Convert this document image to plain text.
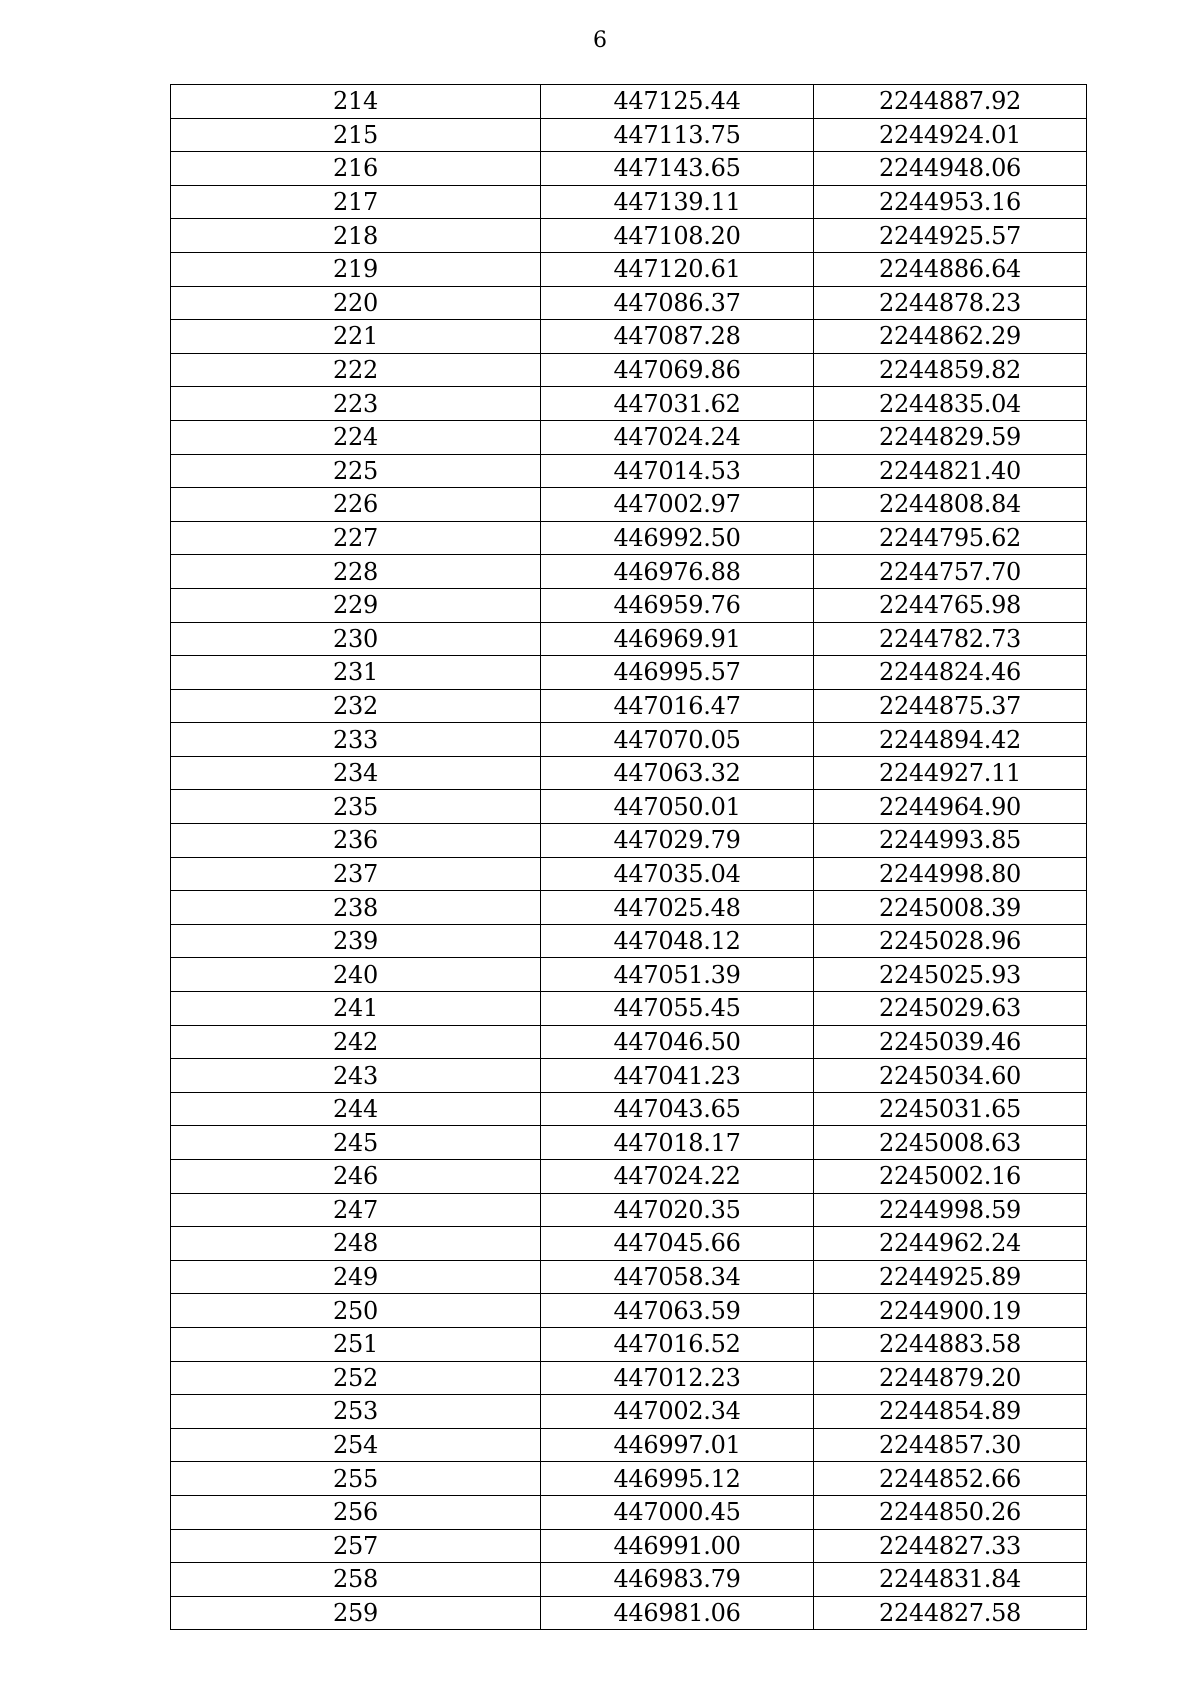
6
214	447125.44	2244887.92
215	447113.75	2244924.01
216	447143.65	2244948.06
217	447139.11	2244953.16
218	447108.20	2244925.57
219	447120.61	2244886.64
220	447086.37	2244878.23
221	447087.28	2244862.29
222	447069.86	2244859.82
223	447031.62	2244835.04
224	447024.24	2244829.59
225	447014.53	2244821.40
226	447002.97	2244808.84
227	446992.50	2244795.62
228	446976.88	2244757.70
229	446959.76	2244765.98
230	446969.91	2244782.73
231	446995.57	2244824.46
232	447016.47	2244875.37
233	447070.05	2244894.42
234	447063.32	2244927.11
235	447050.01	2244964.90
236	447029.79	2244993.85
237	447035.04	2244998.80
238	447025.48	2245008.39
239	447048.12	2245028.96
240	447051.39	2245025.93
241	447055.45	2245029.63
242	447046.50	2245039.46
243	447041.23	2245034.60
244	447043.65	2245031.65
245	447018.17	2245008.63
246	447024.22	2245002.16
247	447020.35	2244998.59
248	447045.66	2244962.24
249	447058.34	2244925.89
250	447063.59	2244900.19
251	447016.52	2244883.58
252	447012.23	2244879.20
253	447002.34	2244854.89
254	446997.01	2244857.30
255	446995.12	2244852.66
256	447000.45	2244850.26
257	446991.00	2244827.33
258	446983.79	2244831.84
259	446981.06	2244827.58
